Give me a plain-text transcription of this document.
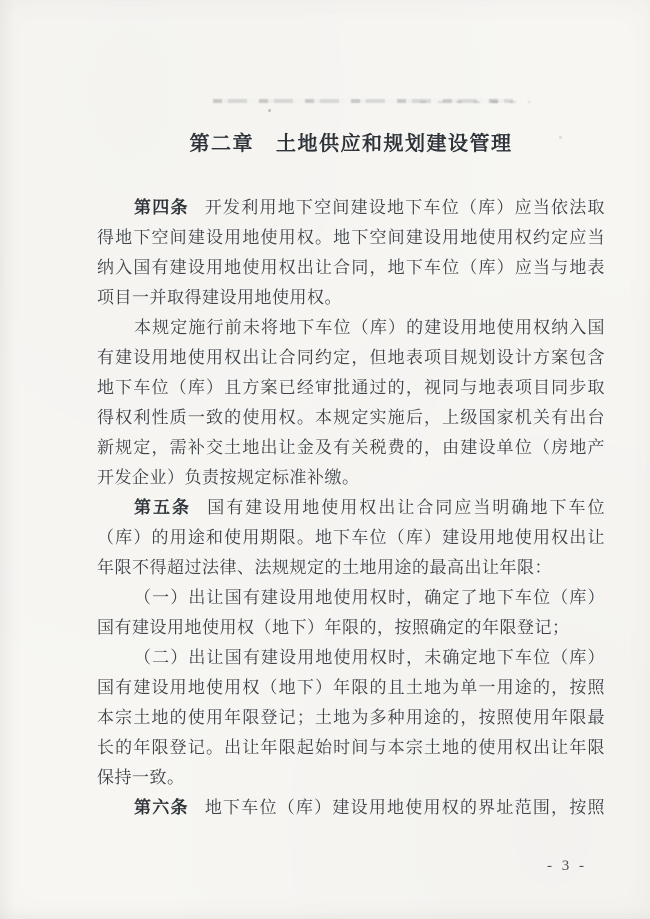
第二章 土地供应和规划建设管理
第四条 开发利用地下空间建设地下车位（库）应当依法取
得地下空间建设用地使用权。地下空间建设用地使用权约定应当
纳入国有建设用地使用权出让合同，地下车位（库）应当与地表
项目一并取得建设用地使用权。
本规定施行前未将地下车位（库）的建设用地使用权纳入国
有建设用地使用权出让合同约定，但地表项目规划设计方案包含
地下车位（库）且方案已经审批通过的，视同与地表项目同步取
得权利性质一致的使用权。本规定实施后，上级国家机关有出台
新规定，需补交土地出让金及有关税费的，由建设单位（房地产
开发企业）负责按规定标准补缴。
第五条 国有建设用地使用权出让合同应当明确地下车位
（库）的用途和使用期限。地下车位（库）建设用地使用权出让
年限不得超过法律、法规规定的土地用途的最高出让年限：
（一）出让国有建设用地使用权时，确定了地下车位（库）
国有建设用地使用权（地下）年限的，按照确定的年限登记；
（二）出让国有建设用地使用权时，未确定地下车位（库）
国有建设用地使用权（地下）年限的且土地为单一用途的，按照
本宗土地的使用年限登记；土地为多种用途的，按照使用年限最
长的年限登记。出让年限起始时间与本宗土地的使用权出让年限
保持一致。
第六条 地下车位（库）建设用地使用权的界址范围，按照
- 3 -
